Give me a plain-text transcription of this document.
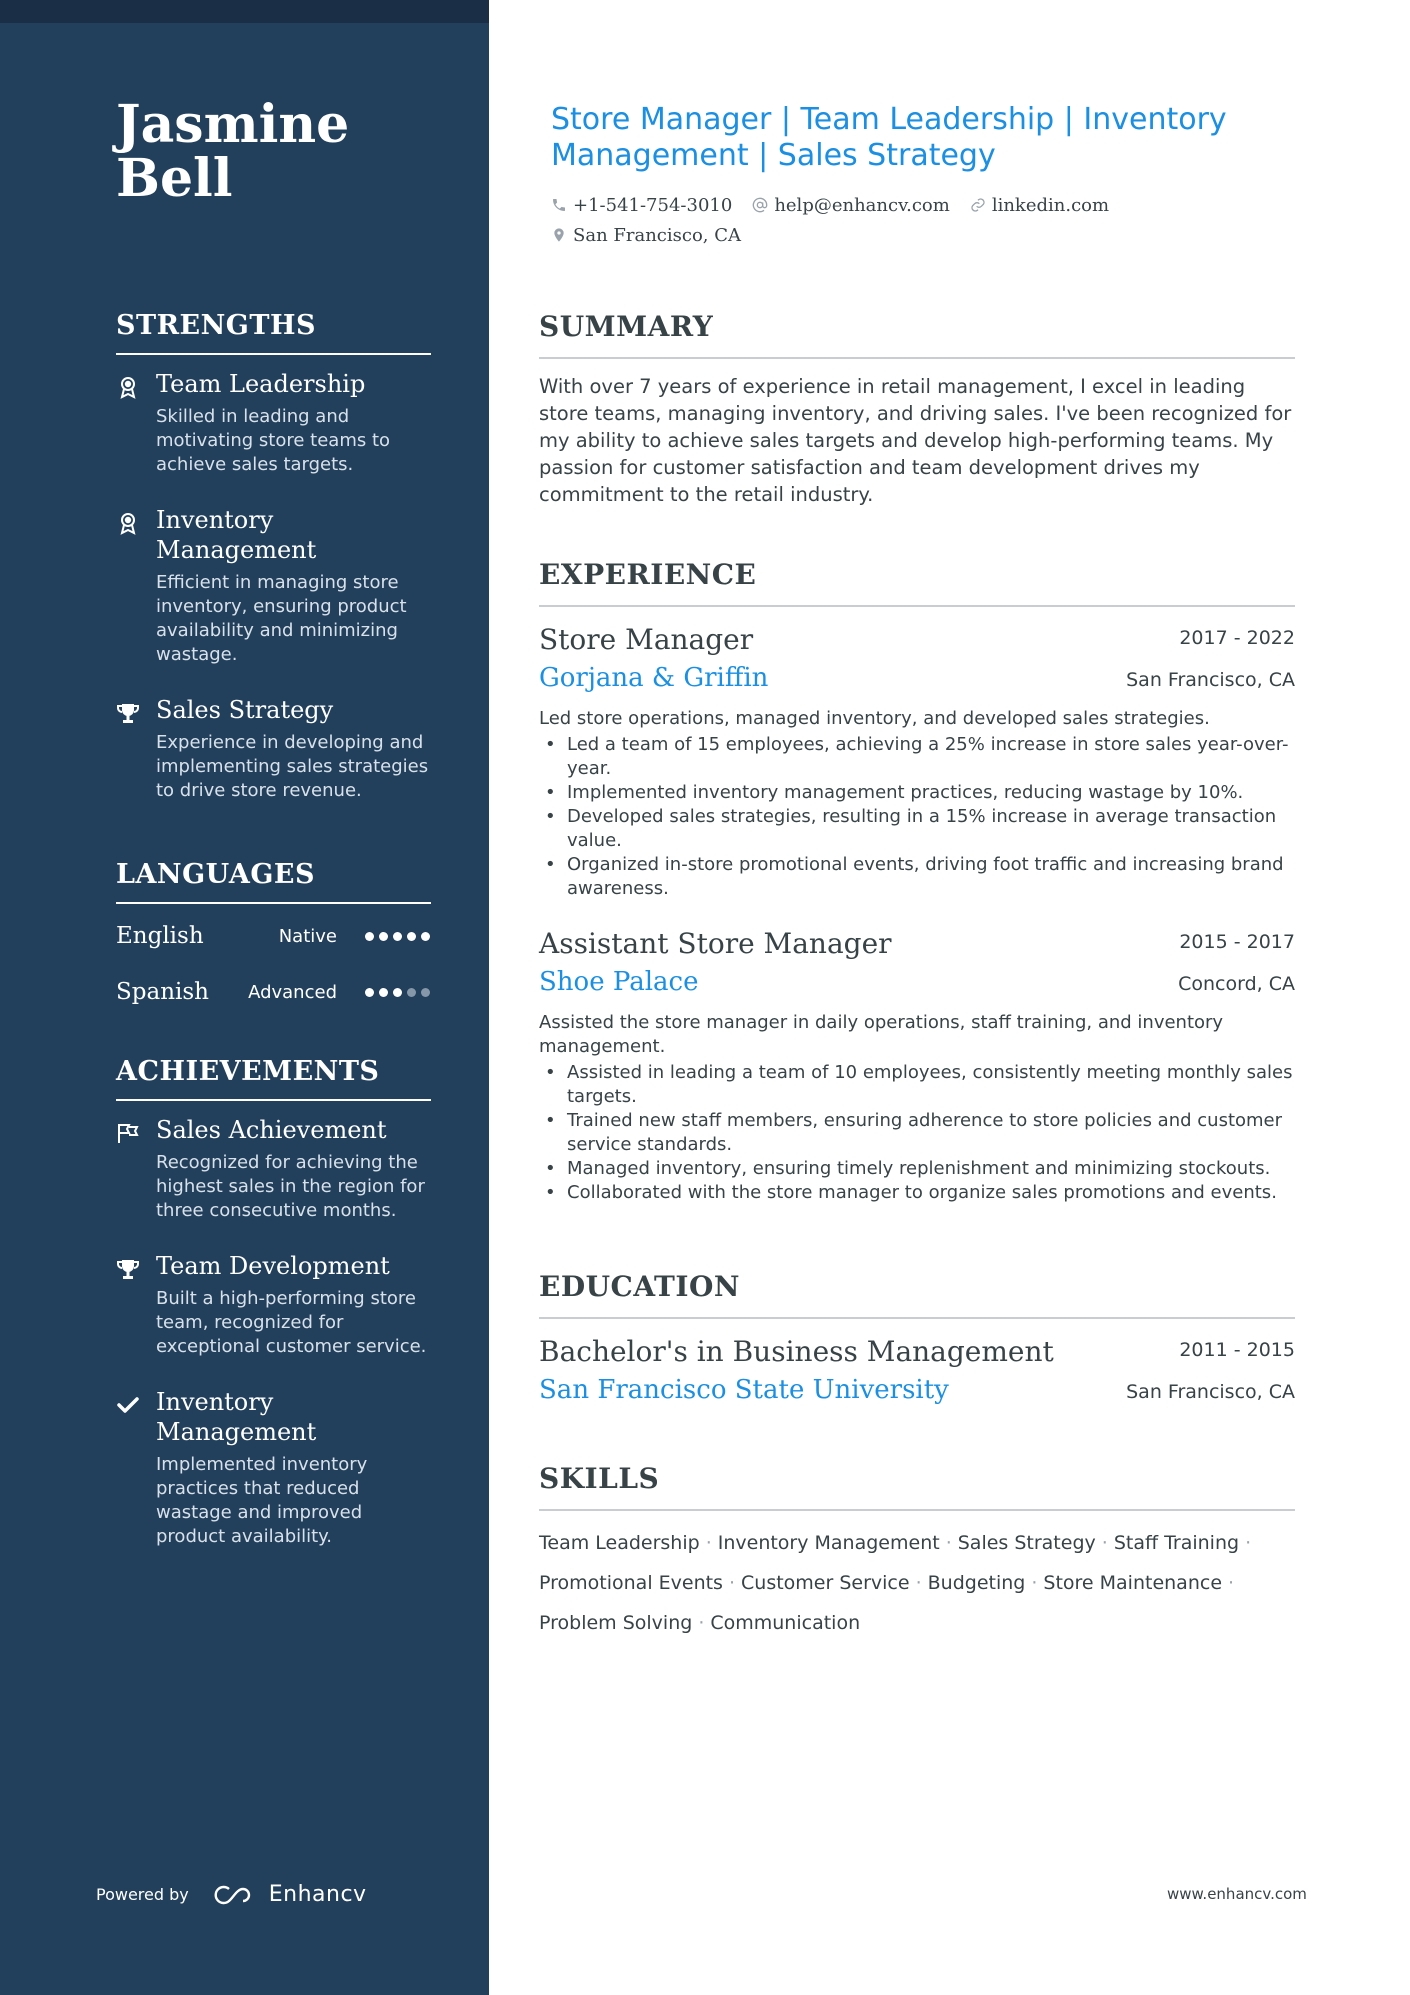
Jasmine Bell
STRENGTHS
Team Leadership
Skilled in leading and motivating store teams to achieve sales targets.
Inventory Management
Efficient in managing store inventory, ensuring product availability and minimizing wastage.
Sales Strategy
Experience in developing and implementing sales strategies to drive store revenue.
LANGUAGES
English	Native
Spanish	Advanced
ACHIEVEMENTS
Sales Achievement
Recognized for achieving the highest sales in the region for three consecutive months.
Team Development
Built a high-performing store team, recognized for exceptional customer service.
Inventory Management
Implemented inventory practices that reduced wastage and improved product availability.
Powered by	Enhancv
Store Manager | Team Leadership | Inventory Management | Sales Strategy
+1-541-754-3010 help@enhancv.com linkedin.com
San Francisco, CA
SUMMARY

With over 7 years of experience in retail management, I excel in leading store teams, managing inventory, and driving sales. I've been recognized for my ability to achieve sales targets and develop high-performing teams. My passion for customer satisfaction and team development drives my commitment to the retail industry.

EXPERIENCE
Store Manager	2017 - 2022
Gorjana & Griffin	San Francisco, CA
Led store operations, managed inventory, and developed sales strategies.
• Led a team of 15 employees, achieving a 25% increase in store sales year-over-year.
• Implemented inventory management practices, reducing wastage by 10%.
• Developed sales strategies, resulting in a 15% increase in average transaction value.
• Organized in-store promotional events, driving foot traffic and increasing brand awareness.
Assistant Store Manager	2015 - 2017
Shoe Palace	Concord, CA
Assisted the store manager in daily operations, staff training, and inventory management.
• Assisted in leading a team of 10 employees, consistently meeting monthly sales targets.
• Trained new staff members, ensuring adherence to store policies and customer service standards.
• Managed inventory, ensuring timely replenishment and minimizing stockouts.
• Collaborated with the store manager to organize sales promotions and events.
EDUCATION
Bachelor's in Business Management	2011 - 2015
San Francisco State University	San Francisco, CA
SKILLS
Team Leadership · Inventory Management · Sales Strategy · Staff Training ·
Promotional Events · Customer Service · Budgeting · Store Maintenance ·
Problem Solving · Communication
www.enhancv.com
